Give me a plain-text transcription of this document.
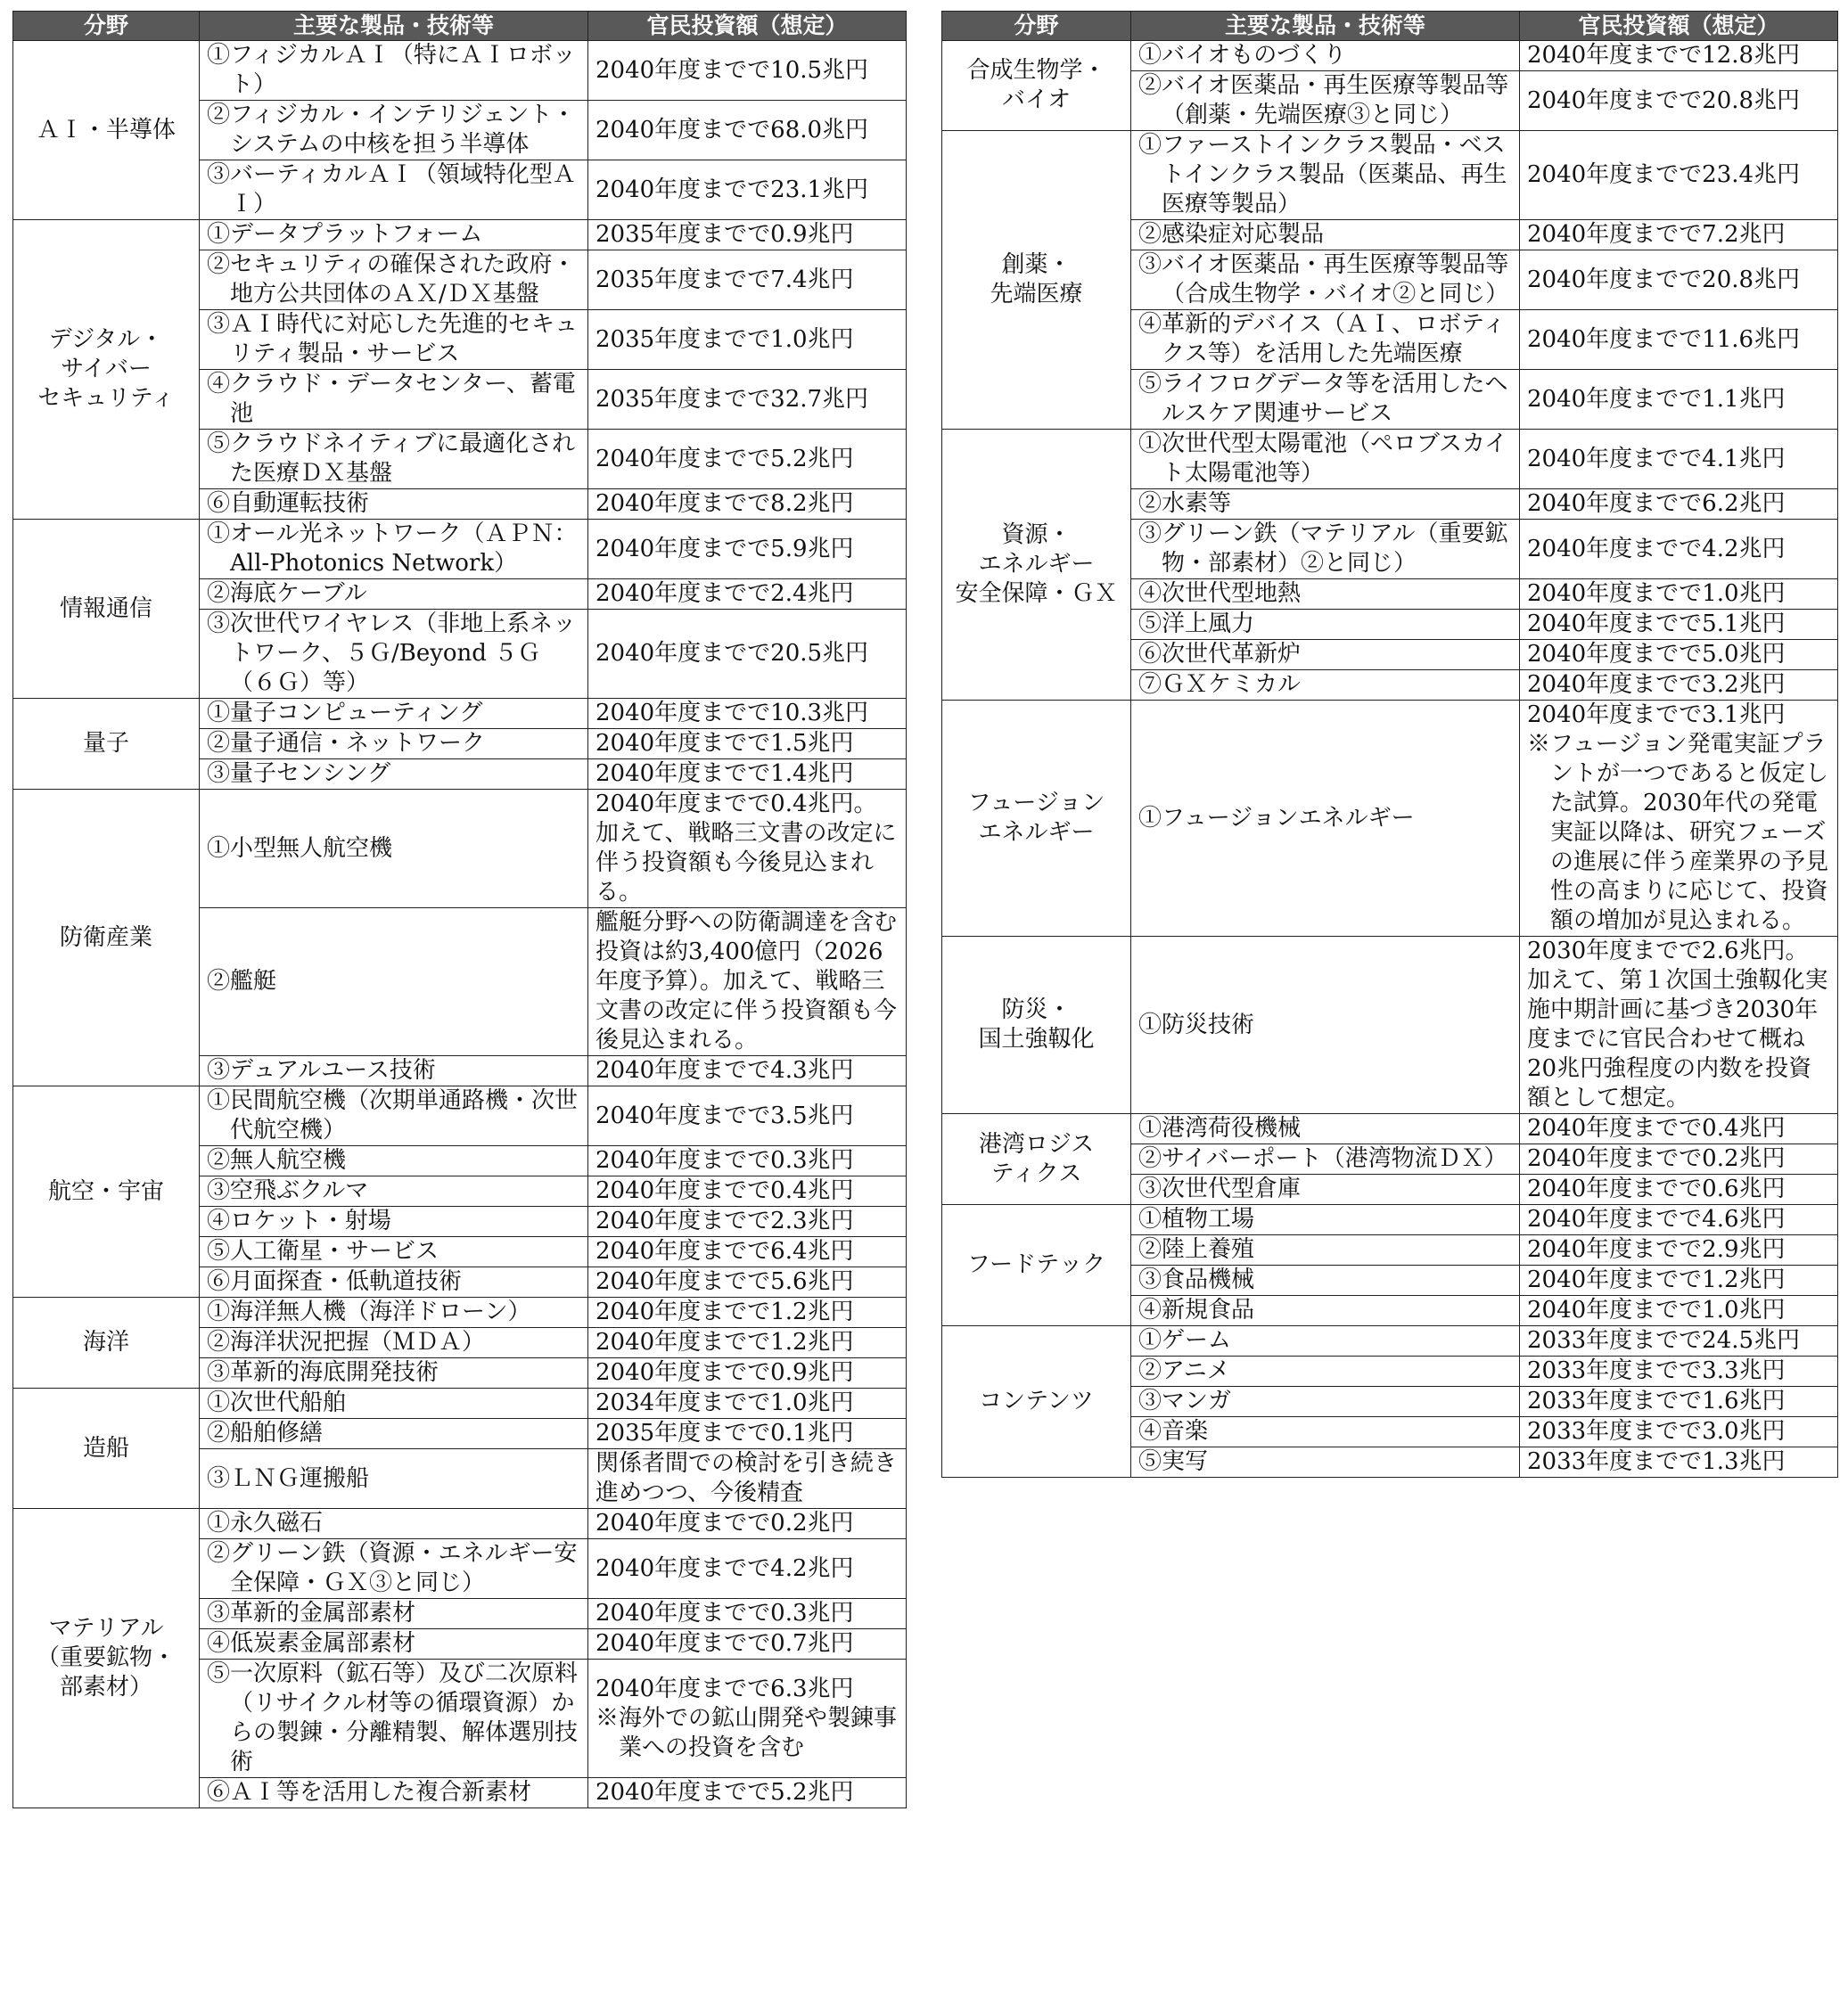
分野	主要な製品・技術等	官民投資額（想定）

ＡＩ・半導体	①フィジカルＡＩ（特にＡＩロボット）	2040年度までで10.5兆円

	②フィジカル・インテリジェント・システムの中核を担う半導体	2040年度までで68.0兆円

	③バーティカルＡＩ（領域特化型ＡＩ）	2040年度までで23.1兆円

デジタル・
サイバー
セキュリティ	①データプラットフォーム	2035年度までで0.9兆円

	②セキュリティの確保された政府・地方公共団体のＡＸ/ＤＸ基盤	2035年度までで7.4兆円

	③ＡＩ時代に対応した先進的セキュリティ製品・サービス	2035年度までで1.0兆円

	④クラウド・データセンター、蓄電池	2035年度までで32.7兆円

	⑤クラウドネイティブに最適化された医療ＤＸ基盤	2040年度までで5.2兆円

	⑥自動運転技術	2040年度までで8.2兆円

情報通信	①オール光ネットワーク（ＡＰＮ：All-Photonics Network）	2040年度までで5.9兆円

	②海底ケーブル	2040年度までで2.4兆円

	③次世代ワイヤレス（非地上系ネットワーク、５Ｇ/Beyond ５Ｇ（６Ｇ）等）	2040年度までで20.5兆円

量子	①量子コンピューティング	2040年度までで10.3兆円

	②量子通信・ネットワーク	2040年度までで1.5兆円

	③量子センシング	2040年度までで1.4兆円

防衛産業	①小型無人航空機	2040年度までで0.4兆円。加えて、戦略三文書の改定に伴う投資額も今後見込まれる。

	②艦艇	艦艇分野への防衛調達を含む投資は約3,400億円（2026年度予算）。加えて、戦略三文書の改定に伴う投資額も今後見込まれる。

	③デュアルユース技術	2040年度までで4.3兆円

航空・宇宙	①民間航空機（次期単通路機・次世代航空機）	2040年度までで3.5兆円

	②無人航空機	2040年度までで0.3兆円

	③空飛ぶクルマ	2040年度までで0.4兆円

	④ロケット・射場	2040年度までで2.3兆円

	⑤人工衛星・サービス	2040年度までで6.4兆円

	⑥月面探査・低軌道技術	2040年度までで5.6兆円

海洋	①海洋無人機（海洋ドローン）	2040年度までで1.2兆円

	②海洋状況把握（ＭＤＡ）	2040年度までで1.2兆円

	③革新的海底開発技術	2040年度までで0.9兆円

造船	①次世代船舶	2034年度までで1.0兆円

	②船舶修繕	2035年度までで0.1兆円

	③ＬＮＧ運搬船	関係者間での検討を引き続き進めつつ、今後精査

マテリアル
（重要鉱物・
部素材）	①永久磁石	2040年度までで0.2兆円

	②グリーン鉄（資源・エネルギー安全保障・ＧＸ③と同じ）	2040年度までで4.2兆円

	③革新的金属部素材	2040年度までで0.3兆円

	④低炭素金属部素材	2040年度までで0.7兆円

	⑤一次原料（鉱石等）及び二次原料（リサイクル材等の循環資源）からの製錬・分離精製、解体選別技術	2040年度までで6.3兆円
※海外での鉱山開発や製錬事業への投資を含む

	⑥ＡＩ等を活用した複合新素材	2040年度までで5.2兆円
分野	主要な製品・技術等	官民投資額（想定）

合成生物学・
バイオ	①バイオものづくり	2040年度までで12.8兆円

	②バイオ医薬品・再生医療等製品等（創薬・先端医療③と同じ）	2040年度までで20.8兆円

創薬・
先端医療	①ファーストインクラス製品・ベストインクラス製品（医薬品、再生医療等製品）	2040年度までで23.4兆円

	②感染症対応製品	2040年度までで7.2兆円

	③バイオ医薬品・再生医療等製品等（合成生物学・バイオ②と同じ）	2040年度までで20.8兆円

	④革新的デバイス（ＡＩ、ロボティクス等）を活用した先端医療	2040年度までで11.6兆円

	⑤ライフログデータ等を活用したヘルスケア関連サービス	2040年度までで1.1兆円

資源・
エネルギー
安全保障・ＧＸ	①次世代型太陽電池（ペロブスカイト太陽電池等）	2040年度までで4.1兆円

	②水素等	2040年度までで6.2兆円

	③グリーン鉄（マテリアル（重要鉱物・部素材）②と同じ）	2040年度までで4.2兆円

	④次世代型地熱	2040年度までで1.0兆円

	⑤洋上風力	2040年度までで5.1兆円

	⑥次世代革新炉	2040年度までで5.0兆円

	⑦ＧＸケミカル	2040年度までで3.2兆円

フュージョン
エネルギー	①フュージョンエネルギー	2040年度までで3.1兆円
※フュージョン発電実証プラントが一つであると仮定した試算。2030年代の発電実証以降は、研究フェーズの進展に伴う産業界の予見性の高まりに応じて、投資額の増加が見込まれる。

防災・
国土強靱化	①防災技術	2030年度までで2.6兆円。加えて、第１次国土強靱化実施中期計画に基づき2030年度までに官民合わせて概ね20兆円強程度の内数を投資額として想定。

港湾ロジス
ティクス	①港湾荷役機械	2040年度までで0.4兆円

	②サイバーポート（港湾物流ＤＸ）	2040年度までで0.2兆円

	③次世代型倉庫	2040年度までで0.6兆円

フードテック	①植物工場	2040年度までで4.6兆円

	②陸上養殖	2040年度までで2.9兆円

	③食品機械	2040年度までで1.2兆円

	④新規食品	2040年度までで1.0兆円

コンテンツ	①ゲーム	2033年度までで24.5兆円

	②アニメ	2033年度までで3.3兆円

	③マンガ	2033年度までで1.6兆円

	④音楽	2033年度までで3.0兆円

	⑤実写	2033年度までで1.3兆円
